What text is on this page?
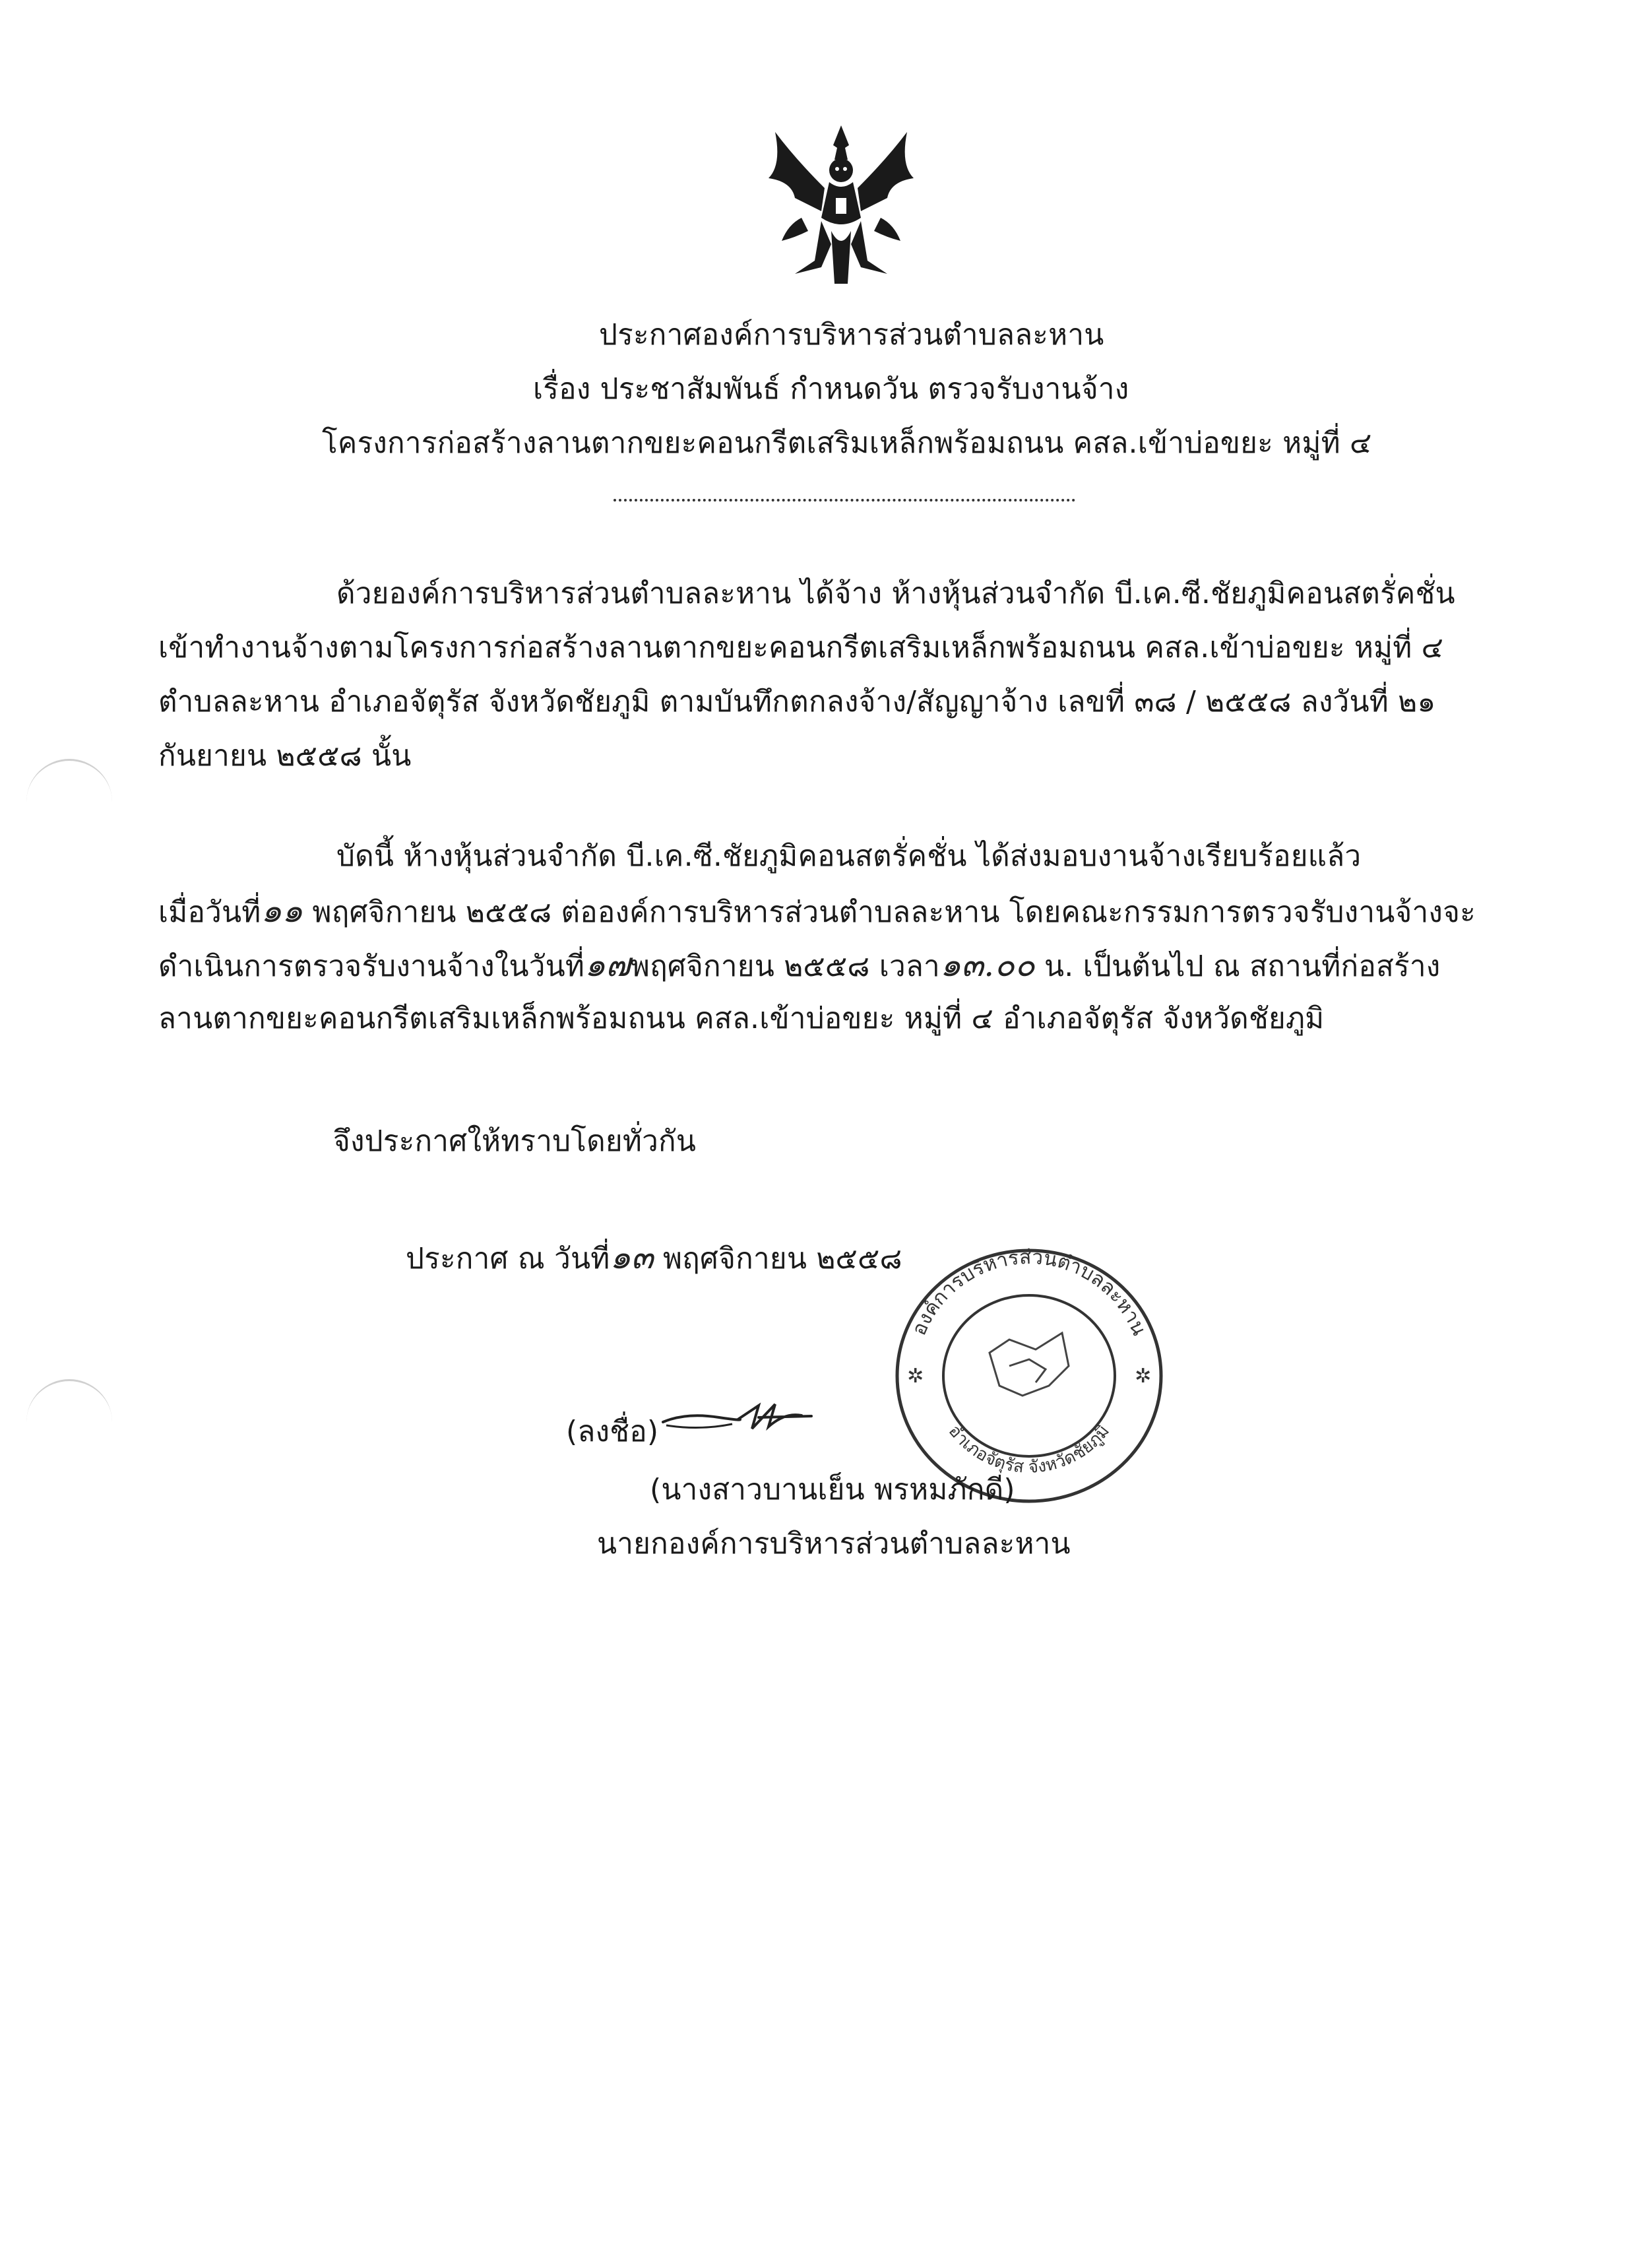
ประกาศองค์การบริหารส่วนตำบลละหาน
เรื่อง ประชาสัมพันธ์ กำหนดวัน ตรวจรับงานจ้าง
โครงการก่อสร้างลานตากขยะคอนกรีตเสริมเหล็กพร้อมถนน คสล.เข้าบ่อขยะ หมู่ที่ ๔
ด้วยองค์การบริหารส่วนตำบลละหาน ได้จ้าง ห้างหุ้นส่วนจำกัด บี.เค.ซี.ชัยภูมิคอนสตรั่คชั่น
เข้าทำงานจ้างตามโครงการก่อสร้างลานตากขยะคอนกรีตเสริมเหล็กพร้อมถนน คสล.เข้าบ่อขยะ หมู่ที่ ๔
ตำบลละหาน อำเภอจัตุรัส จังหวัดชัยภูมิ ตามบันทึกตกลงจ้าง/สัญญาจ้าง เลขที่ ๓๘ / ๒๕๕๘ ลงวันที่ ๒๑
กันยายน ๒๕๕๘ นั้น
บัดนี้ ห้างหุ้นส่วนจำกัด บี.เค.ซี.ชัยภูมิคอนสตรั่คชั่น ได้ส่งมอบงานจ้างเรียบร้อยแล้ว
เมื่อวันที่๑๑ พฤศจิกายน ๒๕๕๘ ต่อองค์การบริหารส่วนตำบลละหาน โดยคณะกรรมการตรวจรับงานจ้างจะ
ดำเนินการตรวจรับงานจ้างในวันที่๑๗พฤศจิกายน ๒๕๕๘ เวลา๑๓.๐๐ น. เป็นต้นไป ณ สถานที่ก่อสร้าง
ลานตากขยะคอนกรีตเสริมเหล็กพร้อมถนน คสล.เข้าบ่อขยะ หมู่ที่ ๔ อำเภอจัตุรัส จังหวัดชัยภูมิ
จึงประกาศให้ทราบโดยทั่วกัน
ประกาศ ณ วันที่๑๓ พฤศจิกายน ๒๕๕๘
✲	✲
องค์การบริหารส่วนตำบลละหาน
อำเภอจัตุรัส จังหวัดชัยภูมิ
(ลงชื่อ)
(นางสาวบานเย็น พรหมภักดี)
นายกองค์การบริหารส่วนตำบลละหาน
